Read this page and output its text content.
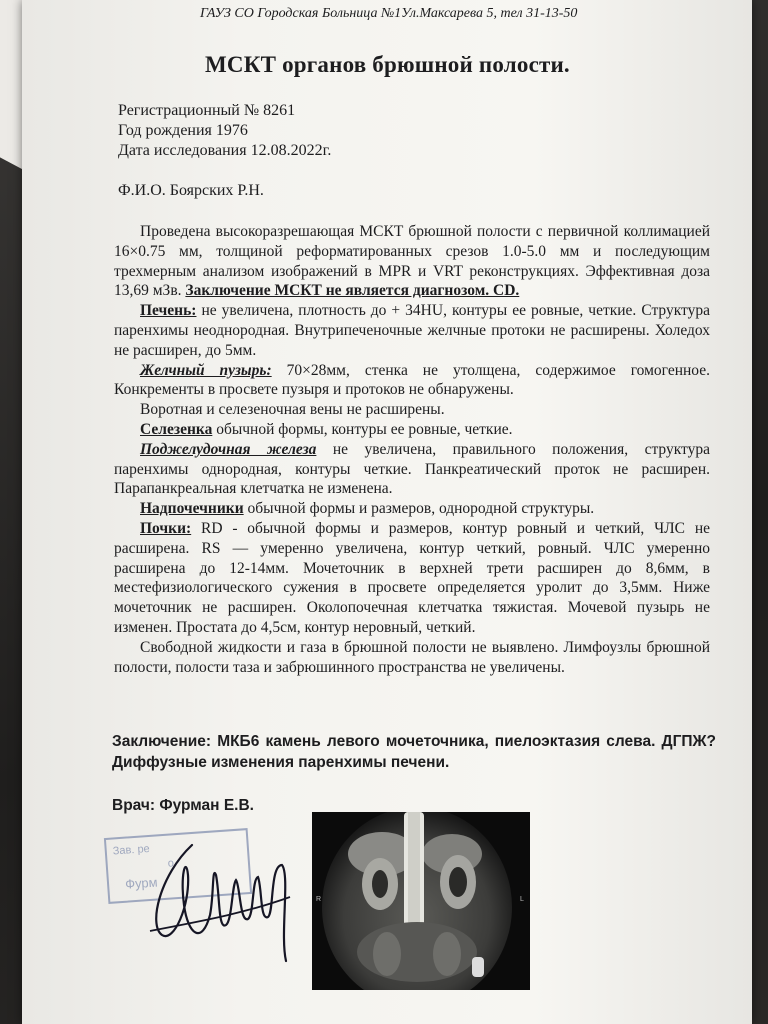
ГАУЗ СО Городская Больница №1Ул.Максарева 5, тел 31-13-50
МСКТ органов брюшной полости.
Регистрационный № 8261
Год рождения 1976
Дата исследования 12.08.2022г.
Ф.И.О. Боярских Р.Н.

Проведена высокоразрешающая МСКТ брюшной полости с первичной коллимацией 16×0.75 мм, толщиной реформатированных срезов 1.0-5.0 мм и последующим трехмерным анализом изображений в MPR и VRT реконструкциях. Эффективная доза 13,69 мЗв. Заключение МСКТ не является диагнозом. CD.

Печень: не увеличена, плотность до + 34HU, контуры ее ровные, четкие. Структура паренхимы неоднородная. Внутрипеченочные желчные протоки не расширены. Холедох не расширен, до 5мм.

Желчный пузырь: 70×28мм, стенка не утолщена, содержимое гомогенное. Конкременты в просвете пузыря и протоков не обнаружены.

Воротная и селезеночная вены не расширены.

Селезенка обычной формы, контуры ее ровные, четкие.

Поджелудочная железа не увеличена, правильного положения, структура паренхимы однородная, контуры четкие. Панкреатический проток не расширен. Парапанкреальная клетчатка не изменена.

Надпочечники обычной формы и размеров, однородной структуры.

Почки: RD - обычной формы и размеров, контур ровный и четкий, ЧЛС не расширена. RS — умеренно увеличена, контур четкий, ровный. ЧЛС умеренно расширена до 12-14мм. Мочеточник в верхней трети расширен до 8,6мм, в местефизиологического сужения в просвете определяется уролит до 3,5мм. Ниже мочеточник не расширен. Околопочечная клетчатка тяжистая. Мочевой пузырь не изменен. Простата до 4,5см, контур неровный, четкий.

Свободной жидкости и газа в брюшной полости не выявлено. Лимфоузлы брюшной полости, полости таза и забрюшинного пространства не увеличены.

Заключение: МКБ6 камень левого мочеточника, пиелоэктазия слева. ДГПЖ? Диффузные изменения паренхимы печени.
Врач: Фурман Е.В.
Зав. ре
о
Фурм
R	L
